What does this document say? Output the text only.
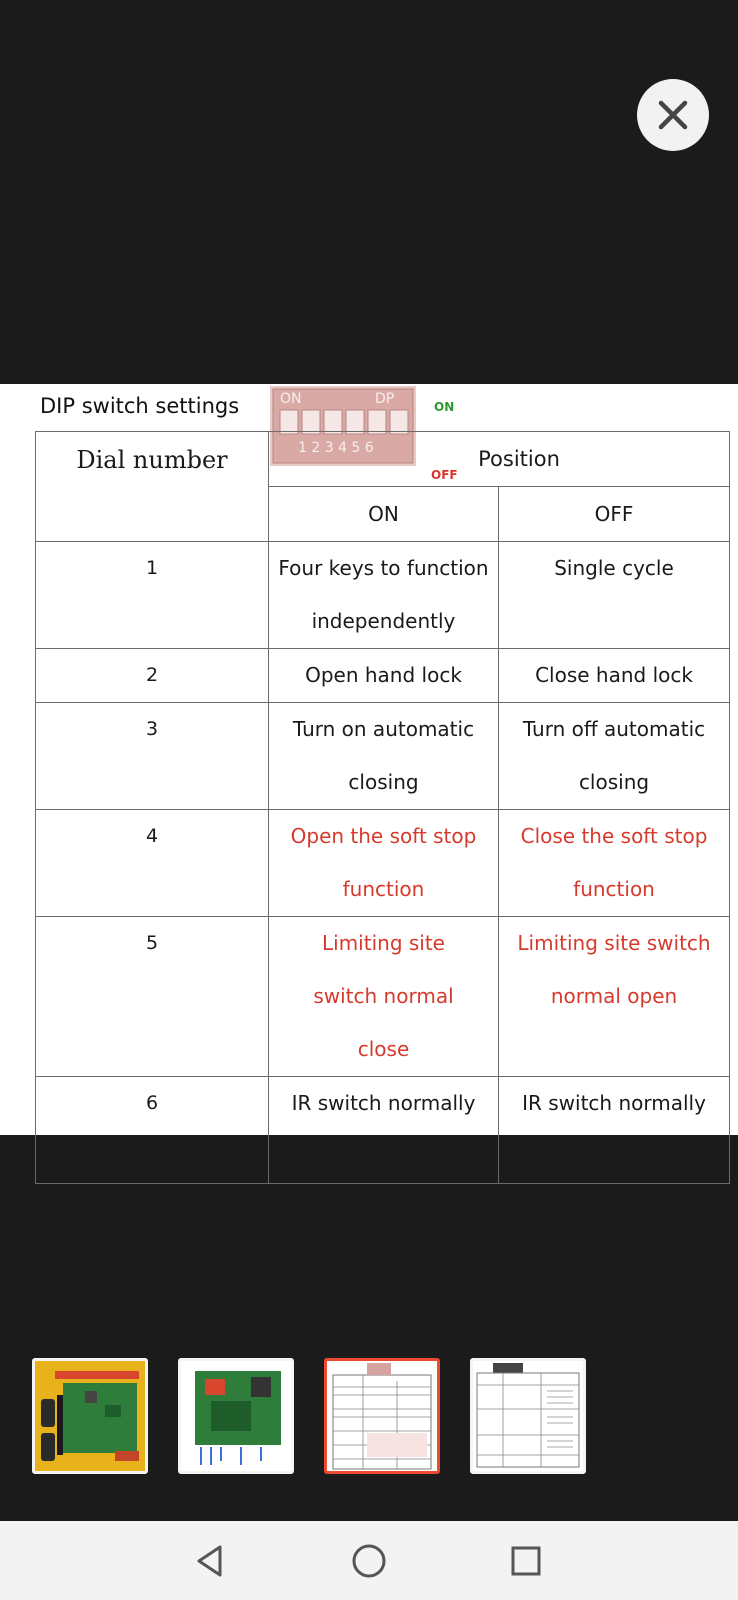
DIP switch settings	ON	DP
1 2 3 4 5 6
ON
OFF
Dial number	Position	
	ON	OFF
1	Four keys to function independently	Single cycle
2	Open hand lock	Close hand lock
3	Turn on automatic closing	Turn off automatic closing
4	Open the soft stop function	Close the soft stop function
5	Limiting site switch normal close	Limiting site switch normal open
6	IR switch normally close	IR switch normally open
